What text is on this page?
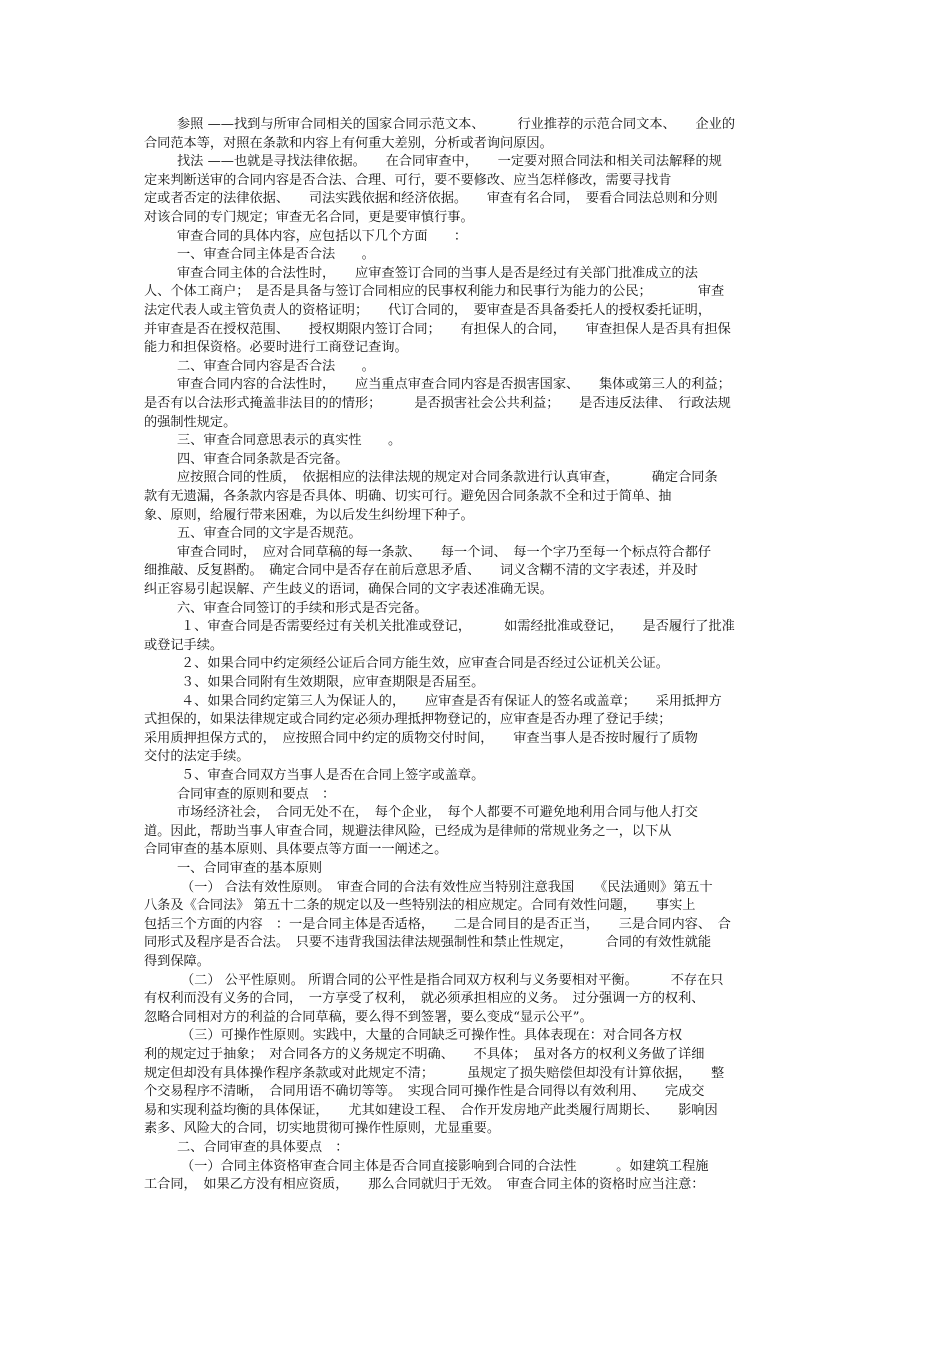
参照 ——找到与所审合同相关的国家合同示范文本、　　　行业推荐的示范合同文本、　　企业的
合同范本等，对照在条款和内容上有何重大差别，分析或者询问原因。
找法 ——也就是寻找法律依据。　　在合同审查中，　　一定要对照合同法和相关司法解释的规
定来判断送审的合同内容是否合法、合理、可行，要不要修改、应当怎样修改，需要寻找肯
定或者否定的法律依据、　　司法实践依据和经济依据。　　审查有名合同，　要看合同法总则和分则
对该合同的专门规定；审查无名合同，更是要审慎行事。
审查合同的具体内容，应包括以下几个方面　　：
一、审查合同主体是否合法　　。
审查合同主体的合法性时，　　应审查签订合同的当事人是否是经过有关部门批准成立的法
人、个体工商户；　是否是具备与签订合同相应的民事权利能力和民事行为能力的公民；　　　　审查
法定代表人或主管负责人的资格证明；　　代订合同的，　要审查是否具备委托人的授权委托证明，
并审查是否在授权范围、　　授权期限内签订合同；　　有担保人的合同，　　审查担保人是否具有担保
能力和担保资格。必要时进行工商登记查询。
二、审查合同内容是否合法　　。
审查合同内容的合法性时，　　应当重点审查合同内容是否损害国家、　　集体或第三人的利益；
是否有以合法形式掩盖非法目的的情形；　　　是否损害社会公共利益；　　是否违反法律、　行政法规
的强制性规定。
三、审查合同意思表示的真实性　　。
四、审查合同条款是否完备。
应按照合同的性质，　依据相应的法律法规的规定对合同条款进行认真审查，　　　确定合同条
款有无遗漏，各条款内容是否具体、明确、切实可行。避免因合同条款不全和过于简单、抽
象、原则，给履行带来困难，为以后发生纠纷埋下种子。
五、审查合同的文字是否规范。
审查合同时，　应对合同草稿的每一条款、　　每一个词、　每一个字乃至每一个标点符合都仔
细推敲、反复斟酌。　确定合同中是否存在前后意思矛盾、　　词义含糊不清的文字表述，并及时
纠正容易引起误解、产生歧义的语词，确保合同的文字表述准确无误。
六、审查合同签订的手续和形式是否完备。
１、审查合同是否需要经过有关机关批准或登记，　　　如需经批准或登记，　　是否履行了批准
或登记手续。
２、如果合同中约定须经公证后合同方能生效，应审查合同是否经过公证机关公证。
３、如果合同附有生效期限，应审查期限是否届至。
４、如果合同约定第三人为保证人的，　　应审查是否有保证人的签名或盖章；　　采用抵押方
式担保的，如果法律规定或合同约定必须办理抵押物登记的，应审查是否办理了登记手续；
采用质押担保方式的，　应按照合同中约定的质物交付时间，　　审查当事人是否按时履行了质物
交付的法定手续。
５、审查合同双方当事人是否在合同上签字或盖章。
合同审查的原则和要点　：
市场经济社会，　合同无处不在，　每个企业，　每个人都要不可避免地利用合同与他人打交
道。因此，帮助当事人审查合同，规避法律风险，已经成为是律师的常规业务之一，以下从
合同审查的基本原则、具体要点等方面一一阐述之。
一、合同审查的基本原则
（一） 合法有效性原则。　审查合同的合法有效性应当特别注意我国　　《民法通则》第五十
八条及《合同法》 第五十二条的规定以及一些特别法的相应规定。合同有效性问题，　　事实上
包括三个方面的内容　：一是合同主体是否适格，　　二是合同目的是否正当，　　三是合同内容、　合
同形式及程序是否合法。　只要不违背我国法律法规强制性和禁止性规定，　　　合同的有效性就能
得到保障。
（二） 公平性原则。 所谓合同的公平性是指合同双方权利与义务要相对平衡。　　　不存在只
有权利而没有义务的合同，　一方享受了权利，　就必须承担相应的义务。　过分强调一方的权利、
忽略合同相对方的利益的合同草稿，要么得不到签署，要么变成“显示公平”。
（三）可操作性原则。实践中，大量的合同缺乏可操作性。具体表现在：对合同各方权
利的规定过于抽象；　对合同各方的义务规定不明确、　　不具体；　虽对各方的权利义务做了详细
规定但却没有具体操作程序条款或对此规定不清；　　　虽规定了损失赔偿但却没有计算依据，　　整
个交易程序不清晰，　合同用语不确切等等。　实现合同可操作性是合同得以有效利用、　　完成交
易和实现利益均衡的具体保证，　　尤其如建设工程、　合作开发房地产此类履行周期长、　　影响因
素多、风险大的合同，切实地贯彻可操作性原则，尤显重要。
二、合同审查的具体要点　：
（一）合同主体资格审查合同主体是否合同直接影响到合同的合法性　　　。如建筑工程施
工合同，　如果乙方没有相应资质，　　那么合同就归于无效。　审查合同主体的资格时应当注意：
